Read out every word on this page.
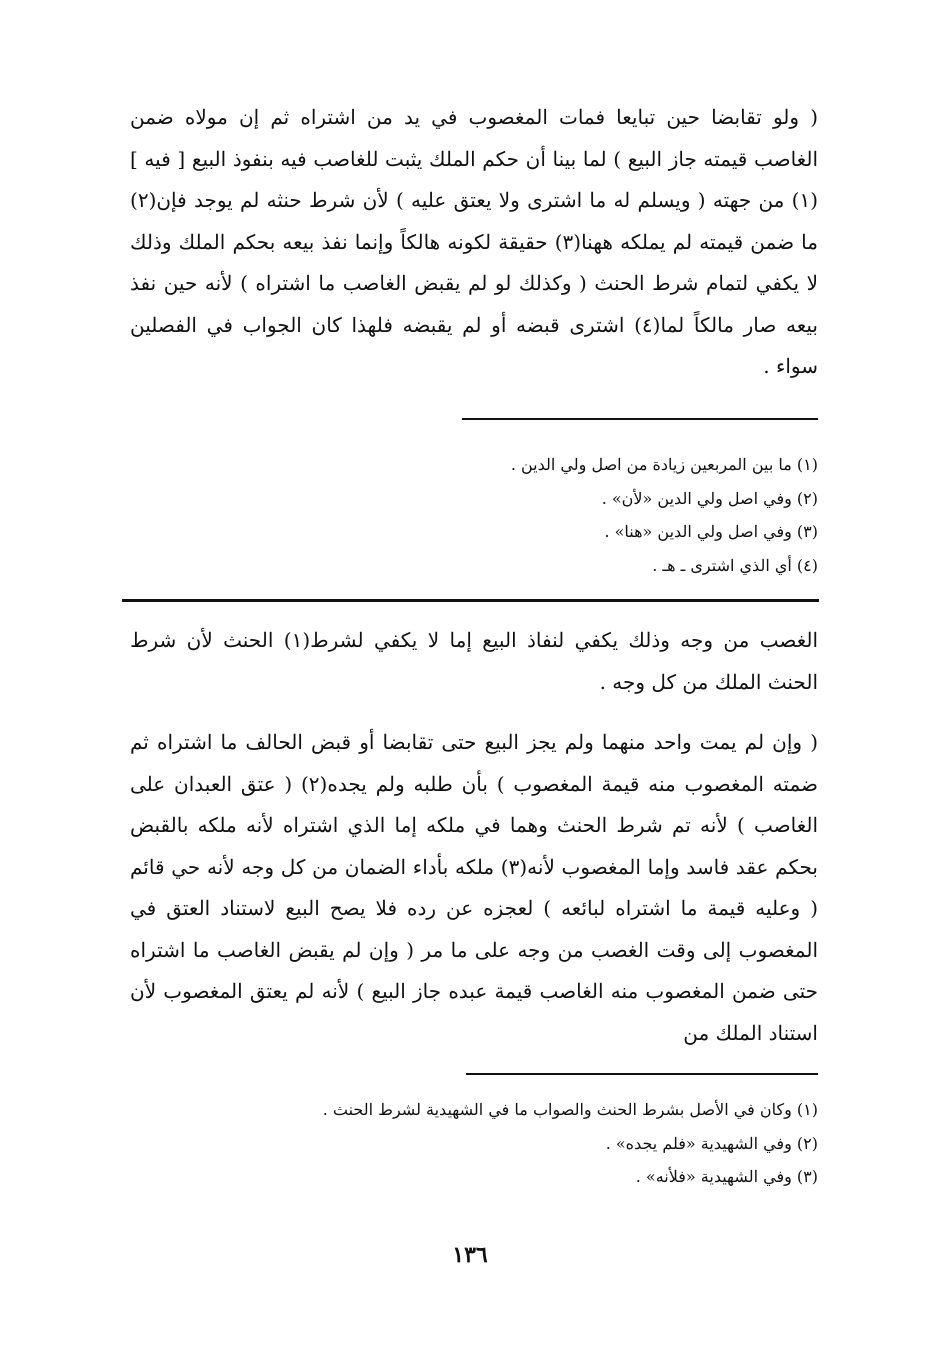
( ولو تقابضا حين تبايعا فمات المغصوب في يد من اشتراه ثم إن مولاه ضمن الغاصب قيمته جاز البيع ) لما بينا أن حكم الملك يثبت للغاصب فيه بنفوذ البيع [ فيه ](١) من جهته ( ويسلم له ما اشترى ولا يعتق عليه ) لأن شرط حنثه لم يوجد فإن(٢) ما ضمن قيمته لم يملكه ههنا(٣) حقيقة لكونه هالكاً وإنما نفذ بيعه بحكم الملك وذلك لا يكفي لتمام شرط الحنث ( وكذلك لو لم يقبض الغاصب ما اشتراه ) لأنه حين نفذ بيعه صار مالكاً لما(٤) اشترى قبضه أو لم يقبضه فلهذا كان الجواب في الفصلين سواء .

(١) ما بين المربعين زيادة من اصل ولي الدين .
(٢) وفي اصل ولي الدين «لأن» .
(٣) وفي اصل ولي الدين «هنا» .
(٤) أي الذي اشترى ـ هـ .

الغصب من وجه وذلك يكفي لنفاذ البيع إما لا يكفي لشرط(١) الحنث لأن شرط الحنث الملك من كل وجه .

( وإن لم يمت واحد منهما ولم يجز البيع حتى تقابضا أو قبض الحالف ما اشتراه ثم ضمته المغصوب منه قيمة المغصوب ) بأن طلبه ولم يجده(٢) ( عتق العبدان على الغاصب ) لأنه تم شرط الحنث وهما في ملكه إما الذي اشتراه لأنه ملكه بالقبض بحكم عقد فاسد وإما المغصوب لأنه(٣) ملكه بأداء الضمان من كل وجه لأنه حي قائم ( وعليه قيمة ما اشتراه لبائعه ) لعجزه عن رده فلا يصح البيع لاستناد العتق في المغصوب إلى وقت الغصب من وجه على ما مر ( وإن لم يقبض الغاصب ما اشتراه حتى ضمن المغصوب منه الغاصب قيمة عبده جاز البيع ) لأنه لم يعتق المغصوب لأن استناد الملك من

(١) وكان في الأصل بشرط الحنث والصواب ما في الشهيدية لشرط الحنث .
(٢) وفي الشهيدية «فلم يجده» .
(٣) وفي الشهيدية «فلأنه» .
١٣٦
